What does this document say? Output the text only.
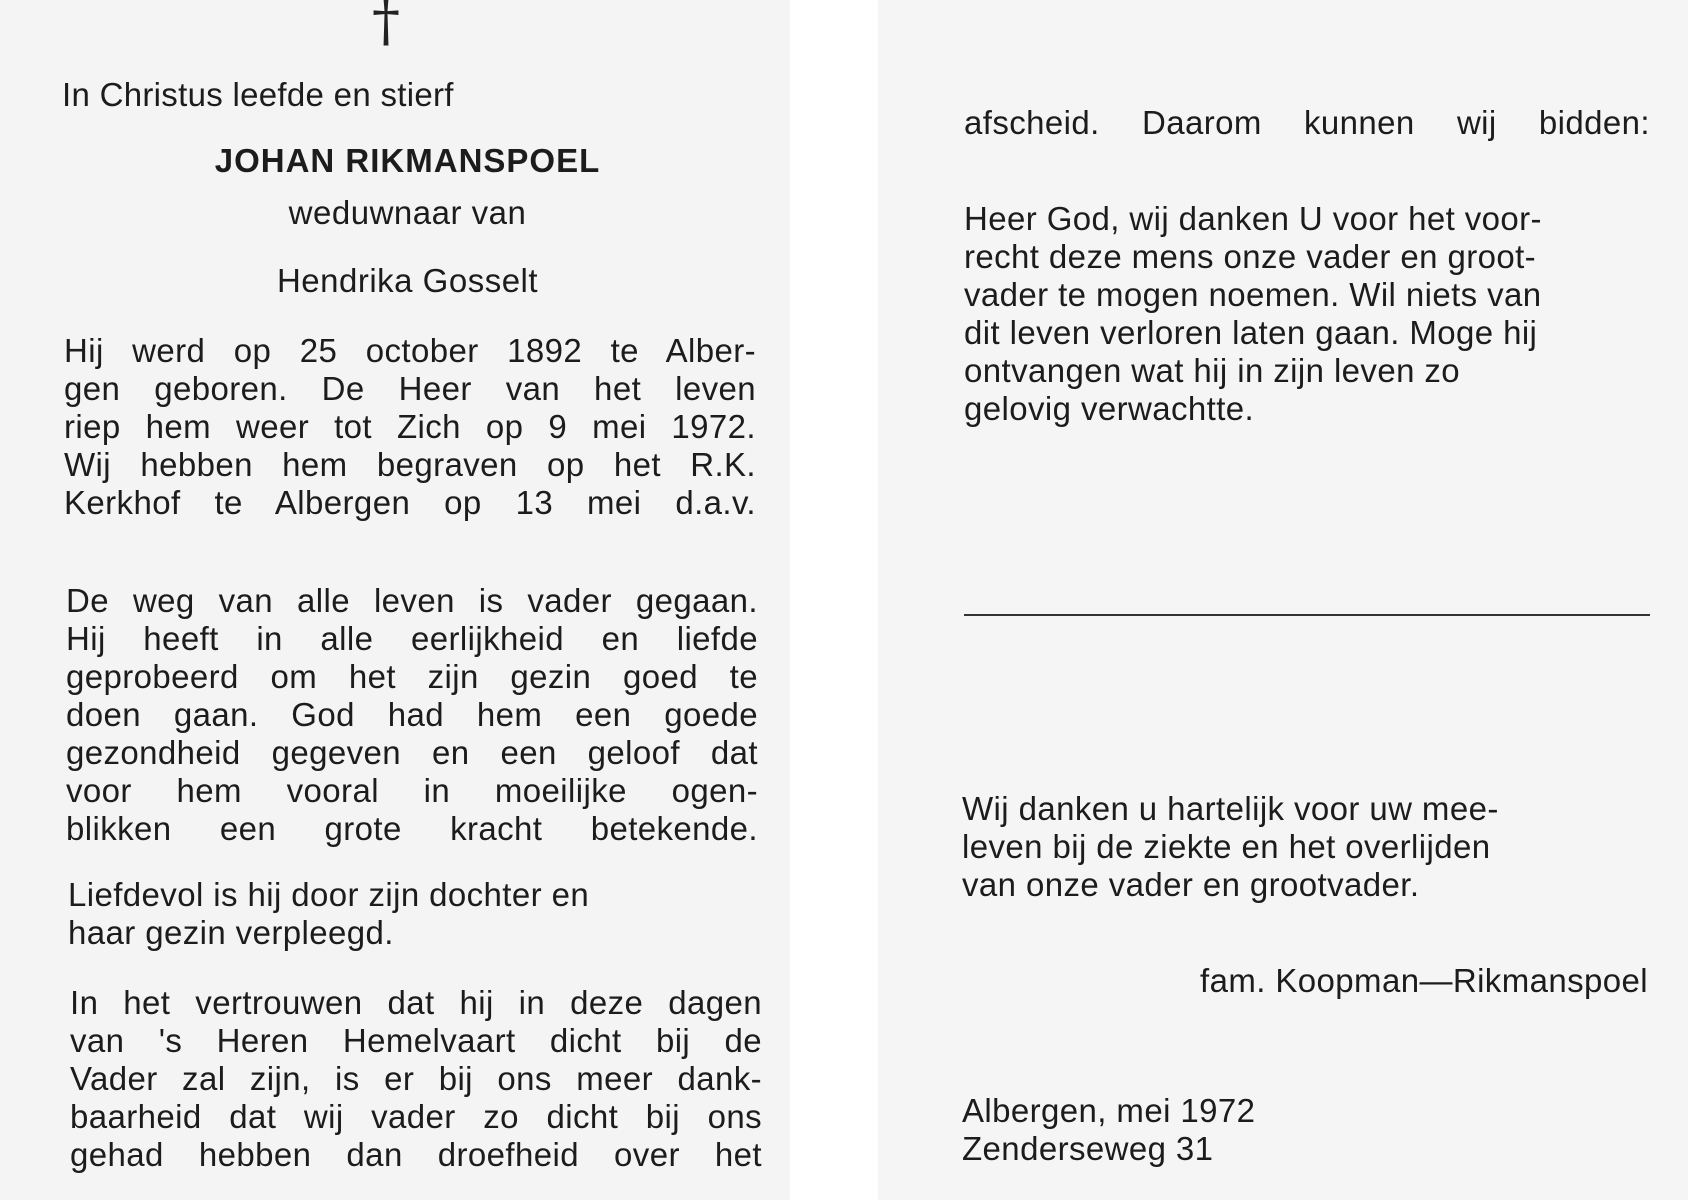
†
In Christus leefde en stierf
JOHAN RIKMANSPOEL
weduwnaar van
Hendrika Gosselt
Hij werd op 25 october 1892 te Alber-
gen geboren. De Heer van het leven
riep hem weer tot Zich op 9 mei 1972.
Wij hebben hem begraven op het R.K.
Kerkhof te Albergen op 13 mei d.a.v.
De weg van alle leven is vader gegaan.
Hij heeft in alle eerlijkheid en liefde
geprobeerd om het zijn gezin goed te
doen gaan. God had hem een goede
gezondheid gegeven en een geloof dat
voor hem vooral in moeilijke ogen-
blikken een grote kracht betekende.
Liefdevol is hij door zijn dochter en
haar gezin verpleegd.
In het vertrouwen dat hij in deze dagen
van 's Heren Hemelvaart dicht bij de
Vader zal zijn, is er bij ons meer dank-
baarheid dat wij vader zo dicht bij ons
gehad hebben dan droefheid over het
afscheid. Daarom kunnen wij bidden:
Heer God, wij danken U voor het voor-
recht deze mens onze vader en groot-
vader te mogen noemen. Wil niets van
dit leven verloren laten gaan. Moge hij
ontvangen wat hij in zijn leven zo
gelovig verwachtte.
Wij danken u hartelijk voor uw mee-
leven bij de ziekte en het overlijden
van onze vader en grootvader.
fam. Koopman—Rikmanspoel
Albergen, mei 1972
Zenderseweg 31
